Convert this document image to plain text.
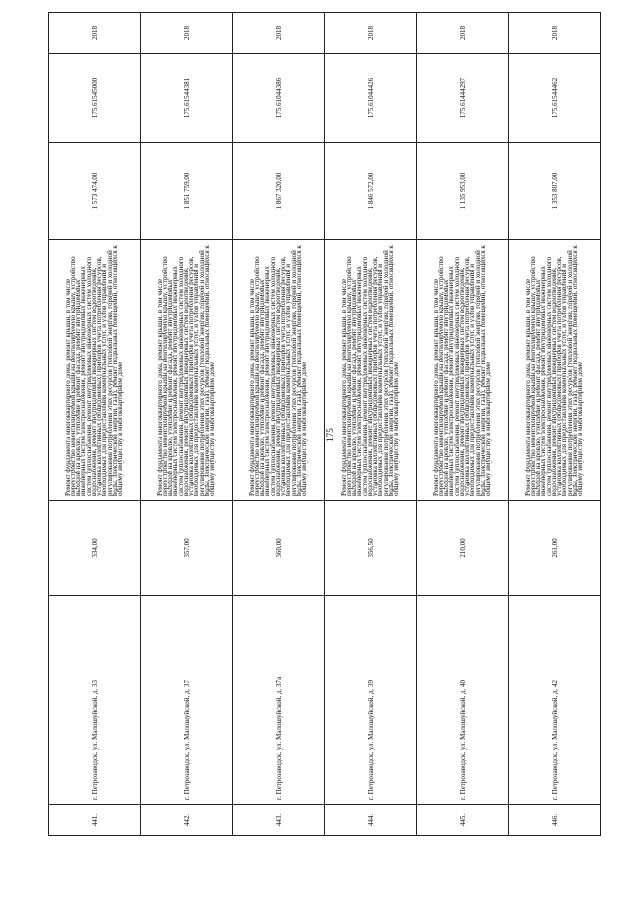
175
441.	г. Петрозаводск, ул. Малошуйской, д. 33	334,00	Ремонт фундамента многоквартирного дома, ремонт крыши, в том числе переустройство невентилируемой крыши на вентилируемую крышу, устройство выходов на кровлю, утепление и ремонт фасада, ремонт внутридомовых инженерных систем электроснабжения, ремонт внутридомовых инженерных систем теплоснабжения, ремонт внутридомовых инженерных систем холодного водоснабжения, ремонт внутридомовых инженерных систем водоотведения, установка коллективных (общедомовых) приборов учета потребления ресурсов, необходимых для предоставления коммунальных услуг, и узлов управления и регулирования потребления этих ресурсов (тепловой энергии, горячей и холодной воды, электрической энергии, газа), ремонт подвальных помещений, относящихся к общему имуществу в многоквартирном доме	1 573 474,00	175.61545000	2018
442.	г. Петрозаводск, ул. Малошуйской, д. 37	357,00	Ремонт фундамента многоквартирного дома, ремонт крыши, в том числе переустройство невентилируемой крыши на вентилируемую крышу, устройство выходов на кровлю, утепление и ремонт фасада, ремонт внутридомовых инженерных систем электроснабжения, ремонт внутридомовых инженерных систем теплоснабжения, ремонт внутридомовых инженерных систем холодного водоснабжения, ремонт внутридомовых инженерных систем водоотведения, установка коллективных (общедомовых) приборов учета потребления ресурсов, необходимых для предоставления коммунальных услуг, и узлов управления и регулирования потребления этих ресурсов (тепловой энергии, горячей и холодной воды, электрической энергии, газа), ремонт подвальных помещений, относящихся к общему имуществу в многоквартирном доме	1 851 759,00	175.61544381	2018
443.	г. Петрозаводск, ул. Малошуйской, д. 37а	360,00	Ремонт фундамента многоквартирного дома, ремонт крыши, в том числе переустройство невентилируемой крыши на вентилируемую крышу, устройство выходов на кровлю, утепление и ремонт фасада, ремонт внутридомовых инженерных систем электроснабжения, ремонт внутридомовых инженерных систем теплоснабжения, ремонт внутридомовых инженерных систем холодного водоснабжения, ремонт внутридомовых инженерных систем водоотведения, установка коллективных (общедомовых) приборов учета потребления ресурсов, необходимых для предоставления коммунальных услуг, и узлов управления и регулирования потребления этих ресурсов (тепловой энергии, горячей и холодной воды, электрической энергии, газа), ремонт подвальных помещений, относящихся к общему имуществу в многоквартирном доме	1 867 320,00	175.61044386	2018
444.	г. Петрозаводск, ул. Малошуйской, д. 39	356,50	Ремонт фундамента многоквартирного дома, ремонт крыши, в том числе переустройство невентилируемой крыши на вентилируемую крышу, устройство выходов на кровлю, утепление и ремонт фасада, ремонт внутридомовых инженерных систем электроснабжения, ремонт внутридомовых инженерных систем теплоснабжения, ремонт внутридомовых инженерных систем холодного водоснабжения, ремонт внутридомовых инженерных систем водоотведения, установка коллективных (общедомовых) приборов учета потребления ресурсов, необходимых для предоставления коммунальных услуг, и узлов управления и регулирования потребления этих ресурсов (тепловой энергии, горячей и холодной воды, электрической энергии, газа), ремонт подвальных помещений, относящихся к общему имуществу в многоквартирном доме	1 846 572,00	175.61044426	2018
445.	г. Петрозаводск, ул. Малошуйской, д. 40	210,00	Ремонт фундамента многоквартирного дома, ремонт крыши, в том числе переустройство невентилируемой крыши на вентилируемую крышу, устройство выходов на кровлю, утепление и ремонт фасада, ремонт внутридомовых инженерных систем электроснабжения, ремонт внутридомовых инженерных систем теплоснабжения, ремонт внутридомовых инженерных систем холодного водоснабжения, ремонт внутридомовых инженерных систем водоотведения, установка коллективных (общедомовых) приборов учета потребления ресурсов, необходимых для предоставления коммунальных услуг, и узлов управления и регулирования потребления этих ресурсов (тепловой энергии, горячей и холодной воды, электрической энергии, газа), ремонт подвальных помещений, относящихся к общему имуществу в многоквартирном доме	1 135 953,00	175.61444297	2018
446.	г. Петрозаводск, ул. Малошуйской, д. 42	261,00	Ремонт фундамента многоквартирного дома, ремонт крыши, в том числе переустройство невентилируемой крыши на вентилируемую крышу, устройство выходов на кровлю, утепление и ремонт фасада, ремонт внутридомовых инженерных систем электроснабжения, ремонт внутридомовых инженерных систем теплоснабжения, ремонт внутридомовых инженерных систем холодного водоснабжения, ремонт внутридомовых инженерных систем водоотведения, установка коллективных (общедомовых) приборов учета потребления ресурсов, необходимых для предоставления коммунальных услуг, и узлов управления и регулирования потребления этих ресурсов (тепловой энергии, горячей и холодной воды, электрической энергии, газа), ремонт подвальных помещений, относящихся к общему имуществу в многоквартирном доме	1 353 807,00	175.61544462	2018
